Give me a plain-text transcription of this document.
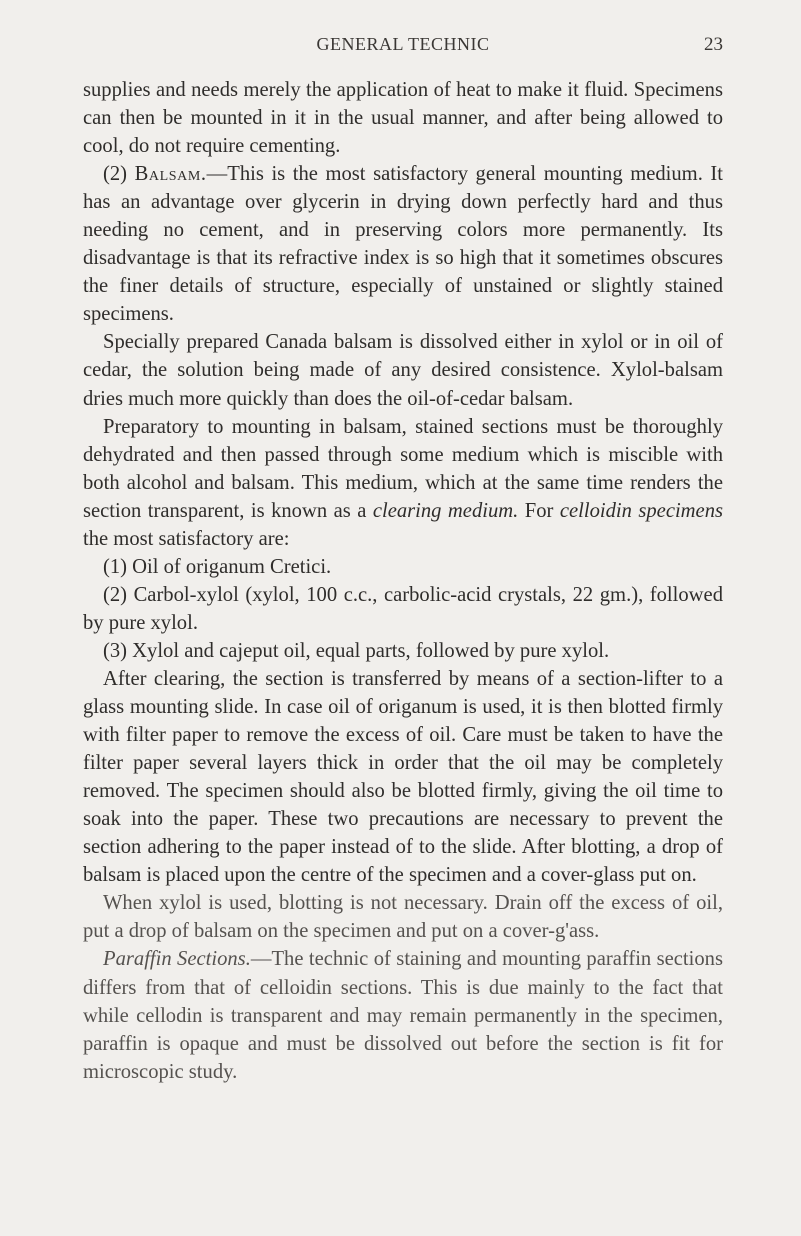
GENERAL TECHNIC	23

supplies and needs merely the application of heat to make it fluid. Specimens can then be mounted in it in the usual manner, and after being allowed to cool, do not require cementing.

(2) Balsam.—This is the most satisfactory general mounting medium. It has an advantage over glycerin in drying down perfectly hard and thus needing no cement, and in preserving colors more permanently. Its disadvantage is that its refractive index is so high that it sometimes obscures the finer details of structure, especially of unstained or slightly stained specimens.

Specially prepared Canada balsam is dissolved either in xylol or in oil of cedar, the solution being made of any desired consistence. Xylol-balsam dries much more quickly than does the oil-of-cedar balsam.

Preparatory to mounting in balsam, stained sections must be thoroughly dehydrated and then passed through some medium which is miscible with both alcohol and balsam. This medium, which at the same time renders the section transparent, is known as a clearing medium. For celloidin specimens the most satisfactory are:

(1) Oil of origanum Cretici.

(2) Carbol-xylol (xylol, 100 c.c., carbolic-acid crystals, 22 gm.), followed by pure xylol.

(3) Xylol and cajeput oil, equal parts, followed by pure xylol.

After clearing, the section is transferred by means of a section-lifter to a glass mounting slide. In case oil of origanum is used, it is then blotted firmly with filter paper to remove the excess of oil. Care must be taken to have the filter paper several layers thick in order that the oil may be completely removed. The specimen should also be blotted firmly, giving the oil time to soak into the paper. These two precautions are necessary to prevent the section adhering to the paper instead of to the slide. After blotting, a drop of balsam is placed upon the centre of the specimen and a cover-glass put on.

When xylol is used, blotting is not necessary. Drain off the excess of oil, put a drop of balsam on the specimen and put on a cover-g'ass.

Paraffin Sections.—The technic of staining and mounting paraffin sections differs from that of celloidin sections. This is due mainly to the fact that while cellodin is transparent and may remain permanently in the specimen, paraffin is opaque and must be dissolved out before the section is fit for microscopic study.
